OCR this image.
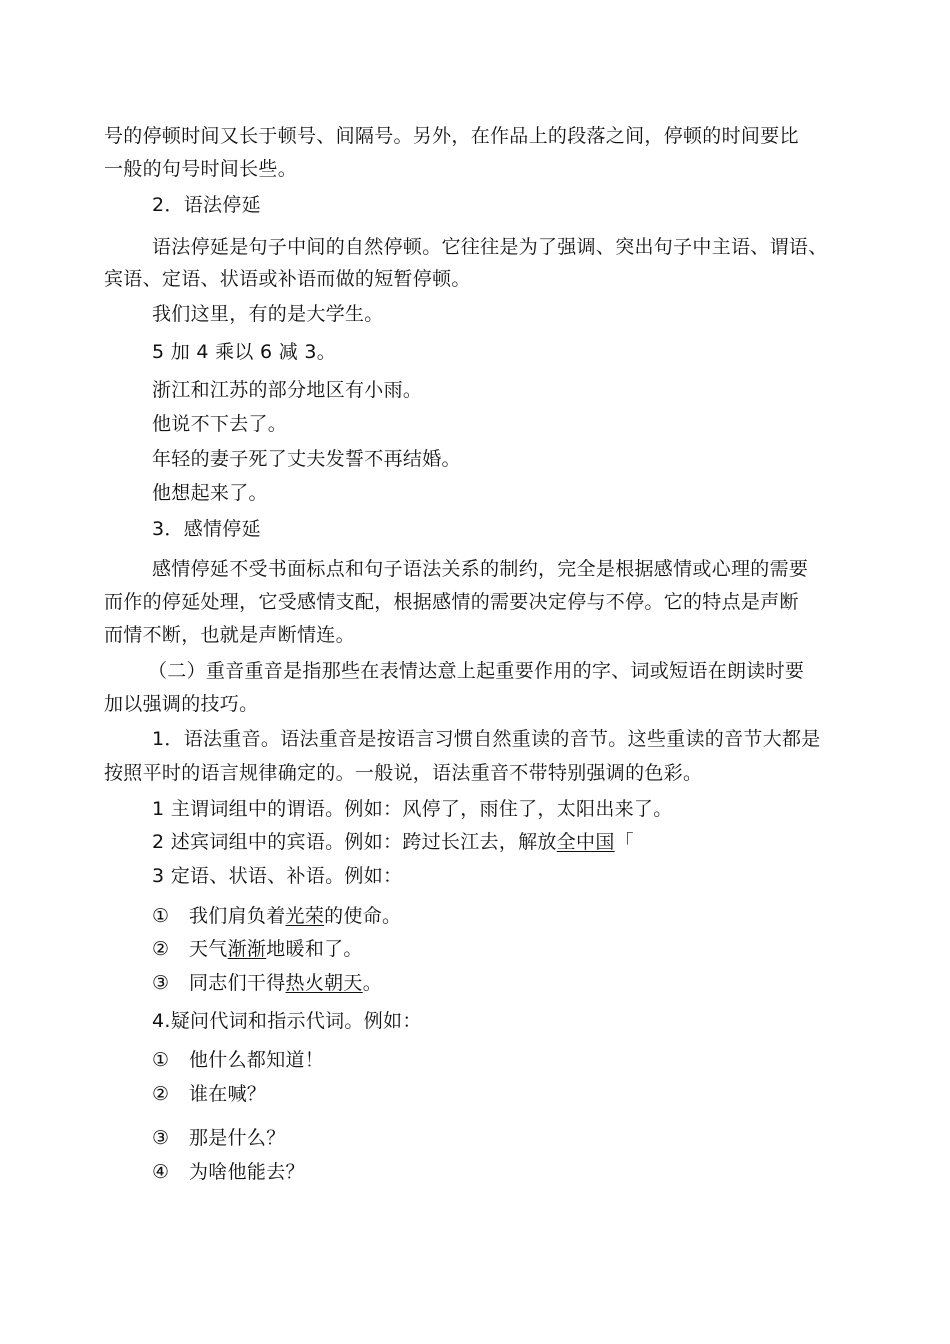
号的停顿时间又长于顿号、间隔号。另外，在作品上的段落之间，停顿的时间要比
一般的句号时间长些。
2．语法停延
语法停延是句子中间的自然停顿。它往往是为了强调、突出句子中主语、谓语、
宾语、定语、状语或补语而做的短暂停顿。
我们这里，有的是大学生。
5 加 4 乘以 6 减 3。
浙江和江苏的部分地区有小雨。
他说不下去了。
年轻的妻子死了丈夫发誓不再结婚。
他想起来了。
3．感情停延
感情停延不受书面标点和句子语法关系的制约，完全是根据感情或心理的需要
而作的停延处理，它受感情支配，根据感情的需要决定停与不停。它的特点是声断
而情不断，也就是声断情连。
（二）重音重音是指那些在表情达意上起重要作用的字、词或短语在朗读时要
加以强调的技巧。
1．语法重音。语法重音是按语言习惯自然重读的音节。这些重读的音节大都是
按照平时的语言规律确定的。一般说，语法重音不带特别强调的色彩。
1 主谓词组中的谓语。例如：风停了，雨住了，太阳出来了。
2 述宾词组中的宾语。例如：跨过长江去，解放全中国「
3 定语、状语、补语。例如：
① 我们肩负着光荣的使命。
② 天气渐渐地暖和了。
③ 同志们干得热火朝天。
4.疑问代词和指示代词。例如：
① 他什么都知道！
② 谁在喊？
③ 那是什么？
④ 为啥他能去？
